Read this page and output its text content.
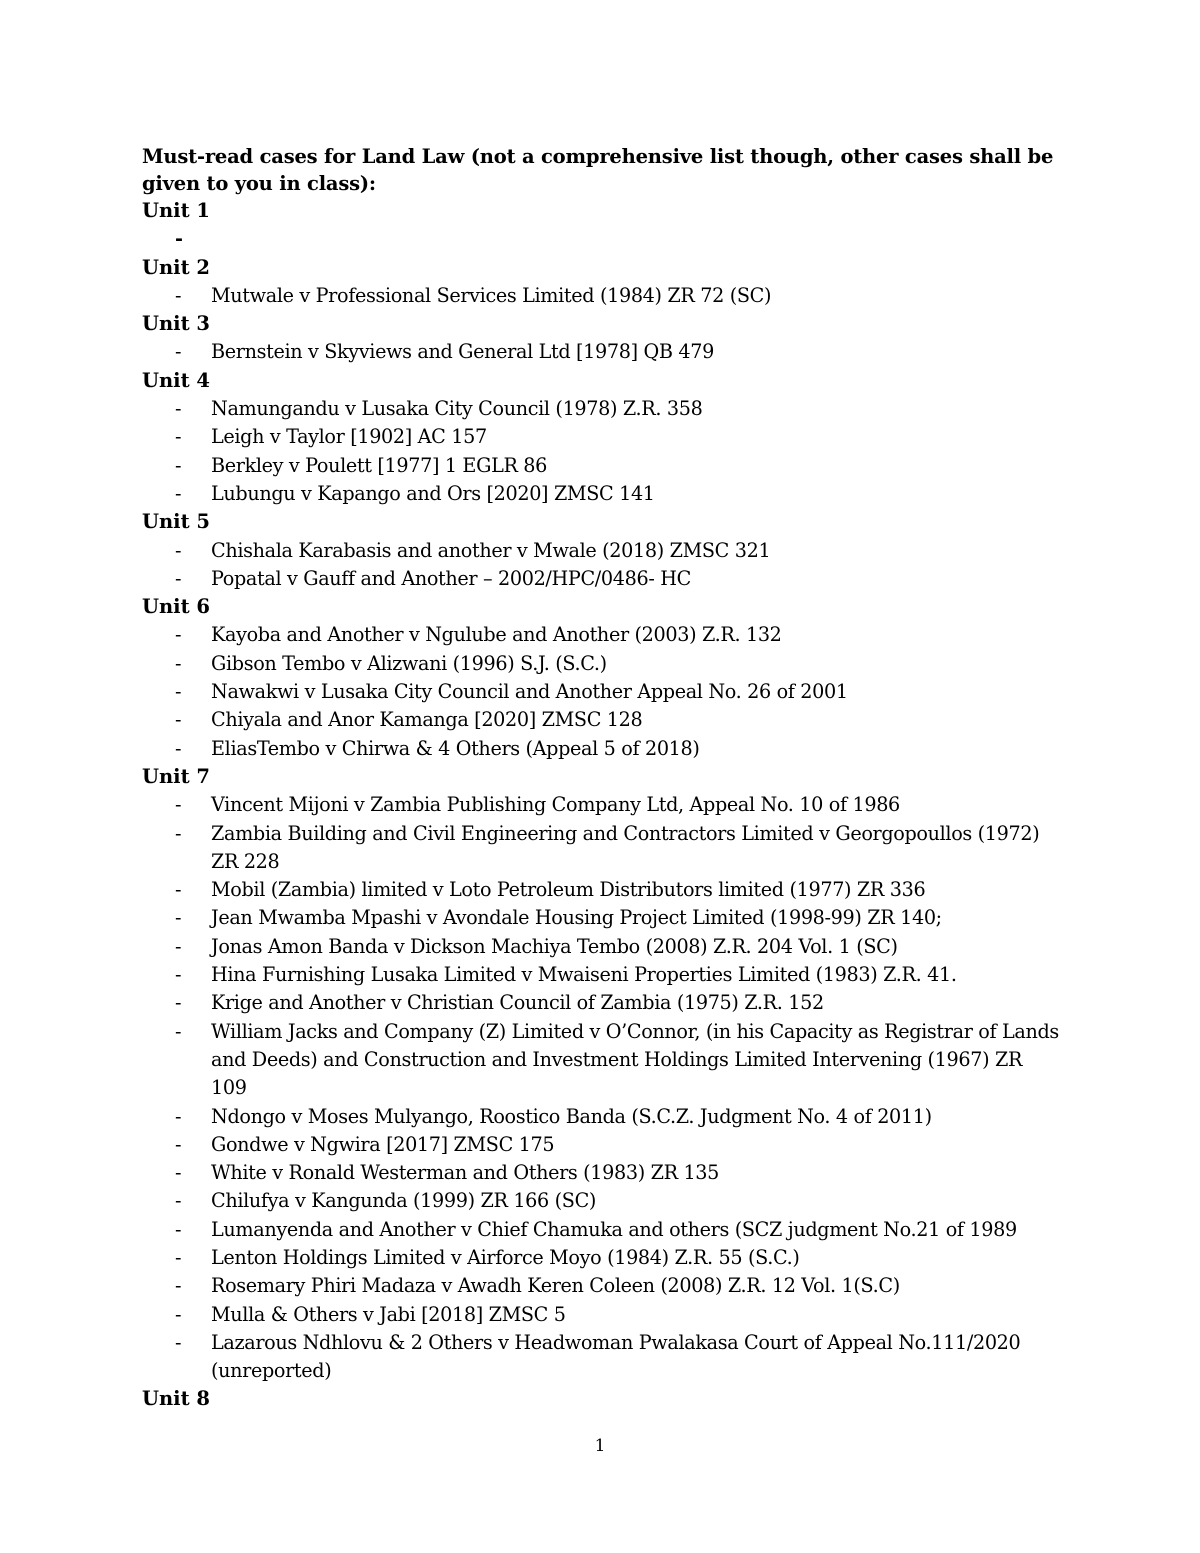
Must-read cases for Land Law (not a comprehensive list though, other cases shall be given to you in class):

Unit 1
-
Unit 2
- Mutwale v Professional Services Limited (1984) ZR 72 (SC)
Unit 3
- Bernstein v Skyviews and General Ltd [1978] QB 479
Unit 4
- Namungandu v Lusaka City Council (1978) Z.R. 358
- Leigh v Taylor [1902] AC 157
- Berkley v Poulett [1977] 1 EGLR 86
- Lubungu v Kapango and Ors [2020] ZMSC 141
Unit 5
- Chishala Karabasis and another v Mwale (2018) ZMSC 321
- Popatal v Gauff and Another – 2002/HPC/0486- HC
Unit 6
- Kayoba and Another v Ngulube and Another (2003) Z.R. 132
- Gibson Tembo v Alizwani (1996) S.J. (S.C.)
- Nawakwi v Lusaka City Council and Another Appeal No. 26 of 2001
- Chiyala and Anor Kamanga [2020] ZMSC 128
- EliasTembo v Chirwa & 4 Others (Appeal 5 of 2018)
Unit 7
- Vincent Mijoni v Zambia Publishing Company Ltd, Appeal No. 10 of 1986
- Zambia Building and Civil Engineering and Contractors Limited v Georgopoullos (1972) ZR 228
- Mobil (Zambia) limited v Loto Petroleum Distributors limited (1977) ZR 336
- Jean Mwamba Mpashi v Avondale Housing Project Limited (1998-99) ZR 140;
- Jonas Amon Banda v Dickson Machiya Tembo (2008) Z.R. 204 Vol. 1 (SC)
- Hina Furnishing Lusaka Limited v Mwaiseni Properties Limited (1983) Z.R. 41.
- Krige and Another v Christian Council of Zambia (1975) Z.R. 152
- William Jacks and Company (Z) Limited v O’Connor, (in his Capacity as Registrar of Lands and Deeds) and Construction and Investment Holdings Limited Intervening (1967) ZR 109
- Ndongo v Moses Mulyango, Roostico Banda (S.C.Z. Judgment No. 4 of 2011)
- Gondwe v Ngwira [2017] ZMSC 175
- White v Ronald Westerman and Others (1983) ZR 135
- Chilufya v Kangunda (1999) ZR 166 (SC)
- Lumanyenda and Another v Chief Chamuka and others (SCZ judgment No.21 of 1989
- Lenton Holdings Limited v Airforce Moyo (1984) Z.R. 55 (S.C.)
- Rosemary Phiri Madaza v Awadh Keren Coleen (2008) Z.R. 12 Vol. 1(S.C)
- Mulla & Others v Jabi [2018] ZMSC 5
- Lazarous Ndhlovu & 2 Others v Headwoman Pwalakasa Court of Appeal No.111/2020 (unreported)
Unit 8
1
